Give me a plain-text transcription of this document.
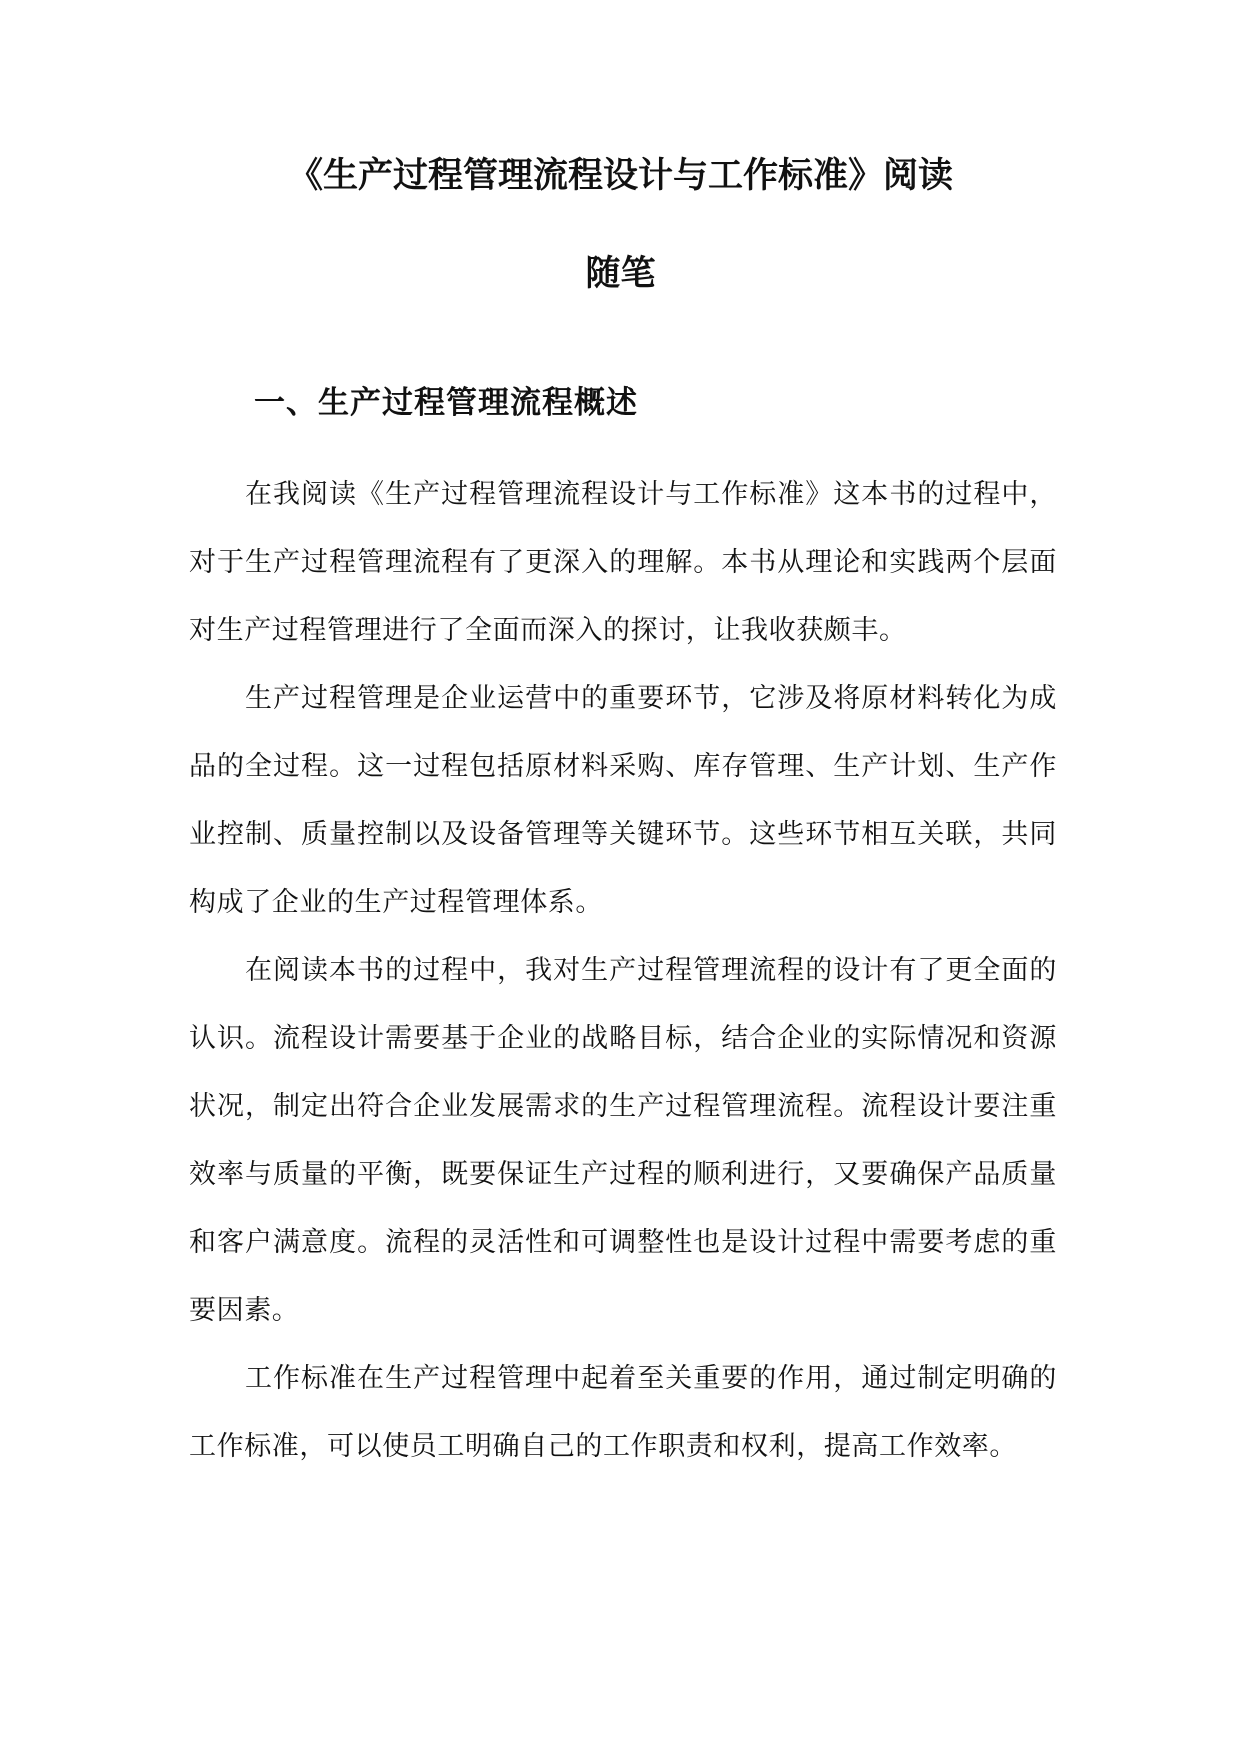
《生产过程管理流程设计与工作标准》阅读
随笔
一、生产过程管理流程概述

在我阅读《生产过程管理流程设计与工作标准》这本书的过程中，对于生产过程管理流程有了更深入的理解。本书从理论和实践两个层面对生产过程管理进行了全面而深入的探讨，让我收获颇丰。

生产过程管理是企业运营中的重要环节，它涉及将原材料转化为成品的全过程。这一过程包括原材料采购、库存管理、生产计划、生产作业控制、质量控制以及设备管理等关键环节。这些环节相互关联，共同构成了企业的生产过程管理体系。

在阅读本书的过程中，我对生产过程管理流程的设计有了更全面的认识。流程设计需要基于企业的战略目标，结合企业的实际情况和资源状况，制定出符合企业发展需求的生产过程管理流程。流程设计要注重效率与质量的平衡，既要保证生产过程的顺利进行，又要确保产品质量和客户满意度。流程的灵活性和可调整性也是设计过程中需要考虑的重要因素。

工作标准在生产过程管理中起着至关重要的作用，通过制定明确的工作标准，可以使员工明确自己的工作职责和权利，提高工作效率。
